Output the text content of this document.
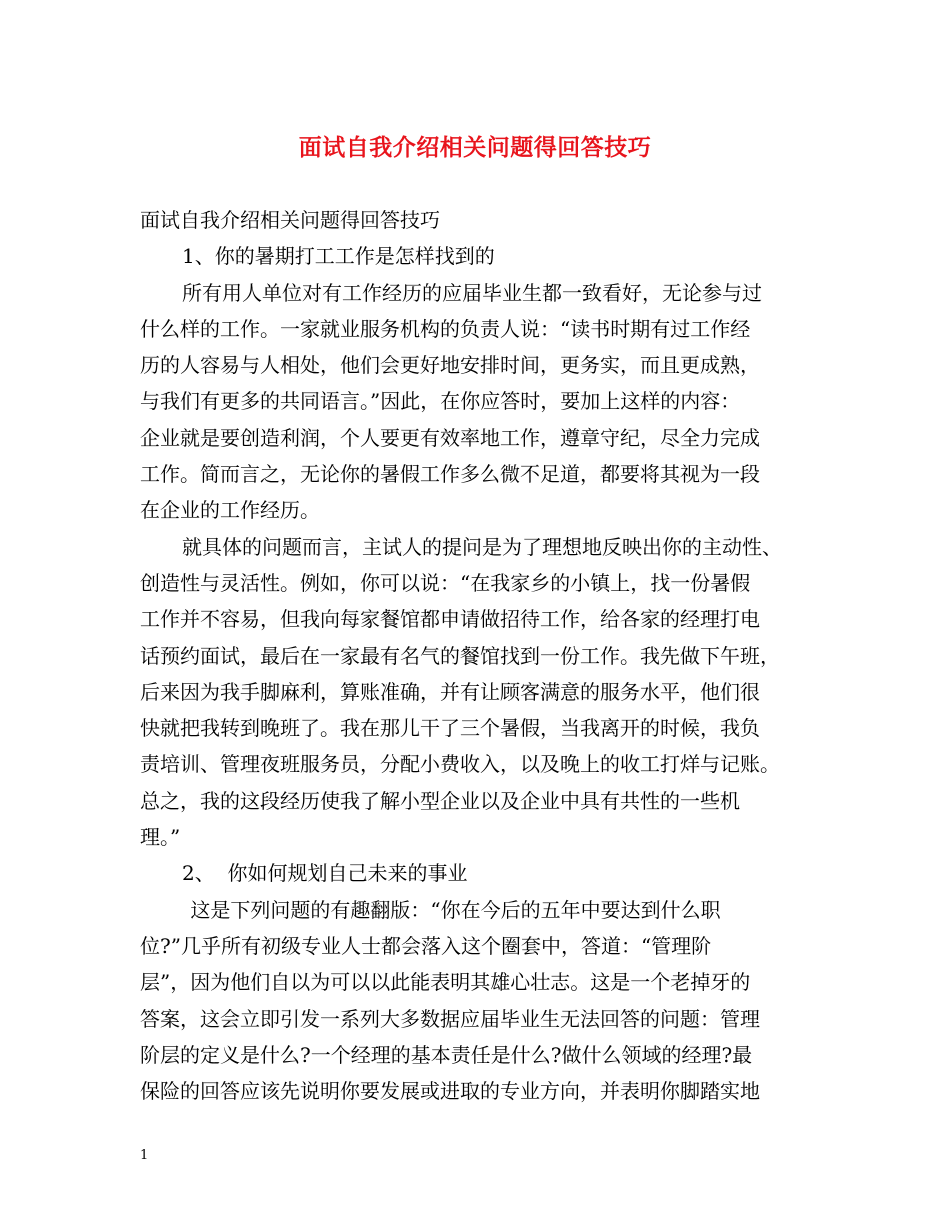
面试自我介绍相关问题得回答技巧
面试自我介绍相关问题得回答技巧
1、你的暑期打工工作是怎样找到的
所有用人单位对有工作经历的应届毕业生都一致看好，无论参与过
什么样的工作。一家就业服务机构的负责人说：“读书时期有过工作经
历的人容易与人相处，他们会更好地安排时间，更务实，而且更成熟，
与我们有更多的共同语言。”因此，在你应答时，要加上这样的内容：
企业就是要创造利润，个人要更有效率地工作，遵章守纪，尽全力完成
工作。简而言之，无论你的暑假工作多么微不足道，都要将其视为一段
在企业的工作经历。
就具体的问题而言，主试人的提问是为了理想地反映出你的主动性、
创造性与灵活性。例如，你可以说：“在我家乡的小镇上，找一份暑假
工作并不容易，但我向每家餐馆都申请做招待工作，给各家的经理打电
话预约面试，最后在一家最有名气的餐馆找到一份工作。我先做下午班，
后来因为我手脚麻利，算账准确，并有让顾客满意的服务水平，他们很
快就把我转到晚班了。我在那儿干了三个暑假，当我离开的时候，我负
责培训、管理夜班服务员，分配小费收入，以及晚上的收工打烊与记账。
总之，我的这段经历使我了解小型企业以及企业中具有共性的一些机
理。”
2、  你如何规划自己未来的事业
这是下列问题的有趣翻版：“你在今后的五年中要达到什么职
位?”几乎所有初级专业人士都会落入这个圈套中，答道：“管理阶
层”，因为他们自以为可以以此能表明其雄心壮志。这是一个老掉牙的
答案，这会立即引发一系列大多数据应届毕业生无法回答的问题：管理
阶层的定义是什么?一个经理的基本责任是什么?做什么领域的经理?最
保险的回答应该先说明你要发展或进取的专业方向，并表明你脚踏实地
1
